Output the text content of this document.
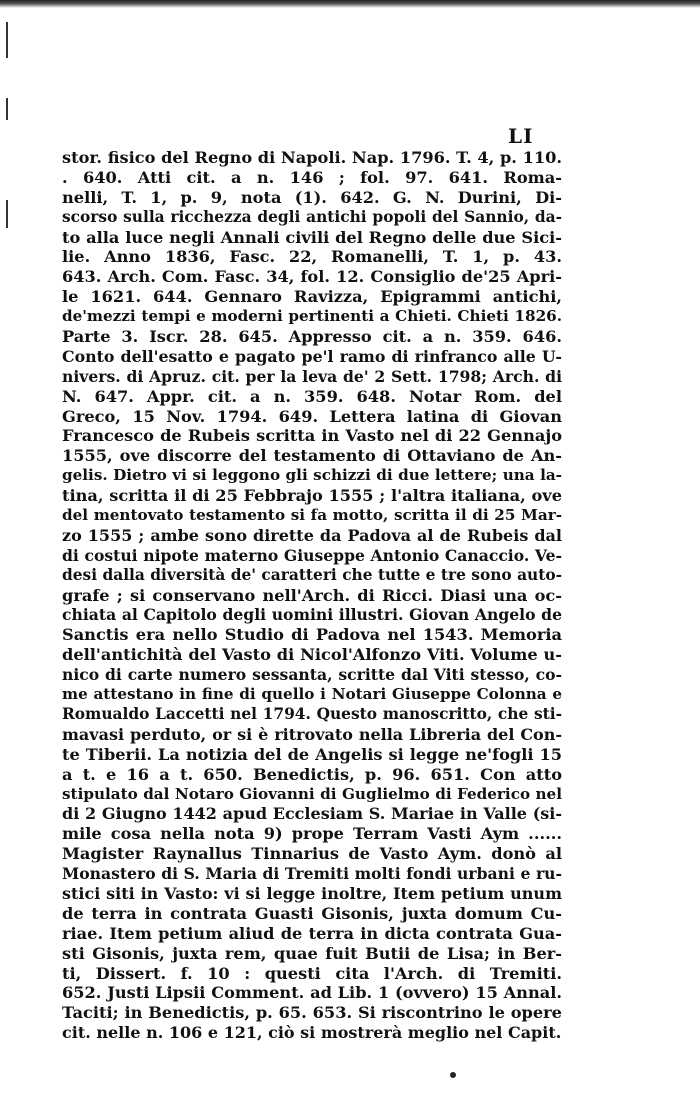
LI
stor. fisico del Regno di Napoli. Nap. 1796. T. 4, p. 110.
. 640. Atti cit. a n. 146 ; fol. 97. 641. Roma-
nelli, T. 1, p. 9, nota (1). 642. G. N. Durini, Di-
scorso sulla ricchezza degli antichi popoli del Sannio, da-
to alla luce negli Annali civili del Regno delle due Sici-
lie. Anno 1836, Fasc. 22, Romanelli, T. 1, p. 43.
643. Arch. Com. Fasc. 34, fol. 12. Consiglio de'25 Apri-
le 1621. 644. Gennaro Ravizza, Epigrammi antichi,
de'mezzi tempi e moderni pertinenti a Chieti. Chieti 1826.
Parte 3. Iscr. 28. 645. Appresso cit. a n. 359. 646.
Conto dell'esatto e pagato pe'l ramo di rinfranco alle U-
nivers. di Apruz. cit. per la leva de' 2 Sett. 1798; Arch. di
N. 647. Appr. cit. a n. 359. 648. Notar Rom. del
Greco, 15 Nov. 1794. 649. Lettera latina di Giovan
Francesco de Rubeis scritta in Vasto nel di 22 Gennajo
1555, ove discorre del testamento di Ottaviano de An-
gelis. Dietro vi si leggono gli schizzi di due lettere; una la-
tina, scritta il di 25 Febbrajo 1555 ; l'altra italiana, ove
del mentovato testamento si fa motto, scritta il di 25 Mar-
zo 1555 ; ambe sono dirette da Padova al de Rubeis dal
di costui nipote materno Giuseppe Antonio Canaccio. Ve-
desi dalla diversità de' caratteri che tutte e tre sono auto-
grafe ; si conservano nell'Arch. di Ricci. Diasi una oc-
chiata al Capitolo degli uomini illustri. Giovan Angelo de
Sanctis era nello Studio di Padova nel 1543. Memoria
dell'antichità del Vasto di Nicol'Alfonzo Viti. Volume u-
nico di carte numero sessanta, scritte dal Viti stesso, co-
me attestano in fine di quello i Notari Giuseppe Colonna e
Romualdo Laccetti nel 1794. Questo manoscritto, che sti-
mavasi perduto, or si è ritrovato nella Libreria del Con-
te Tiberii. La notizia del de Angelis si legge ne'fogli 15
a t. e 16 a t. 650. Benedictis, p. 96. 651. Con atto
stipulato dal Notaro Giovanni di Guglielmo di Federico nel
di 2 Giugno 1442 apud Ecclesiam S. Mariae in Valle (si-
mile cosa nella nota 9) prope Terram Vasti Aym ......
Magister Raynallus Tinnarius de Vasto Aym. donò al
Monastero di S. Maria di Tremiti molti fondi urbani e ru-
stici siti in Vasto: vi si legge inoltre, Item petium unum
de terra in contrata Guasti Gisonis, juxta domum Cu-
riae. Item petium aliud de terra in dicta contrata Gua-
sti Gisonis, juxta rem, quae fuit Butii de Lisa; in Ber-
ti, Dissert. f. 10 : questi cita l'Arch. di Tremiti.
652. Justi Lipsii Comment. ad Lib. 1 (ovvero) 15 Annal.
Taciti; in Benedictis, p. 65. 653. Si riscontrino le opere
cit. nelle n. 106 e 121, ciò si mostrerà meglio nel Capit.
